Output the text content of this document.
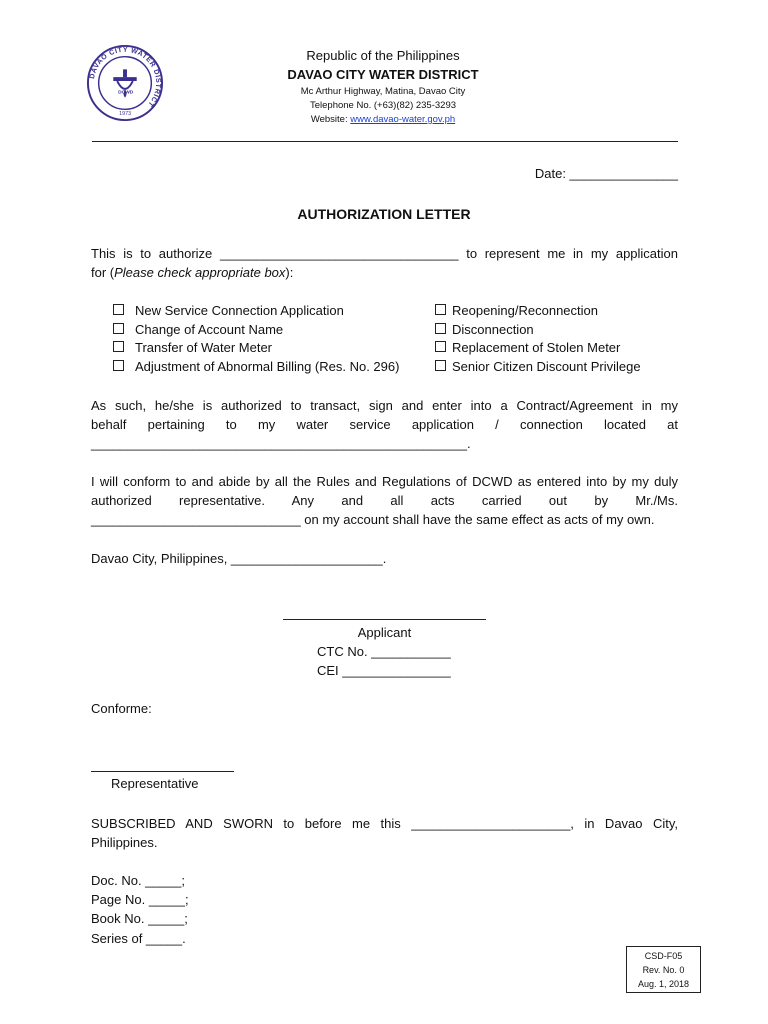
DAVAO CITY WATER DISTRICT
DCWD
1973
Republic of the Philippines
DAVAO CITY WATER DISTRICT
Mc Arthur Highway, Matina, Davao City
Telephone No. (+63)(82) 235-3293
Website: www.davao-water.gov.ph
Date: _______________
AUTHORIZATION LETTER
This is to authorize _________________________________ to represent me in my application
for (Please check appropriate box):
New Service Connection Application
Change of Account Name
Transfer of Water Meter
Adjustment of Abnormal Billing (Res. No. 296)
Reopening/Reconnection
Disconnection
Replacement of Stolen Meter
Senior Citizen Discount Privilege
As such, he/she is authorized to transact, sign and enter into a Contract/Agreement in my
behalf pertaining to my water service application / connection located at
____________________________________________________.
I will conform to and abide by all the Rules and Regulations of DCWD as entered into by my duly
authorized representative. Any and all acts carried out by Mr./Ms.
_____________________________ on my account shall have the same effect as acts of my own.
Davao City, Philippines, _____________________.
Applicant
CTC No. ___________
CEI _______________
Conforme:
Representative
SUBSCRIBED AND SWORN to before me this ______________________, in Davao City,
Philippines.
Doc. No. _____;
Page No. _____;
Book No. _____;
Series of _____.
CSD-F05
Rev. No. 0
Aug. 1, 2018
